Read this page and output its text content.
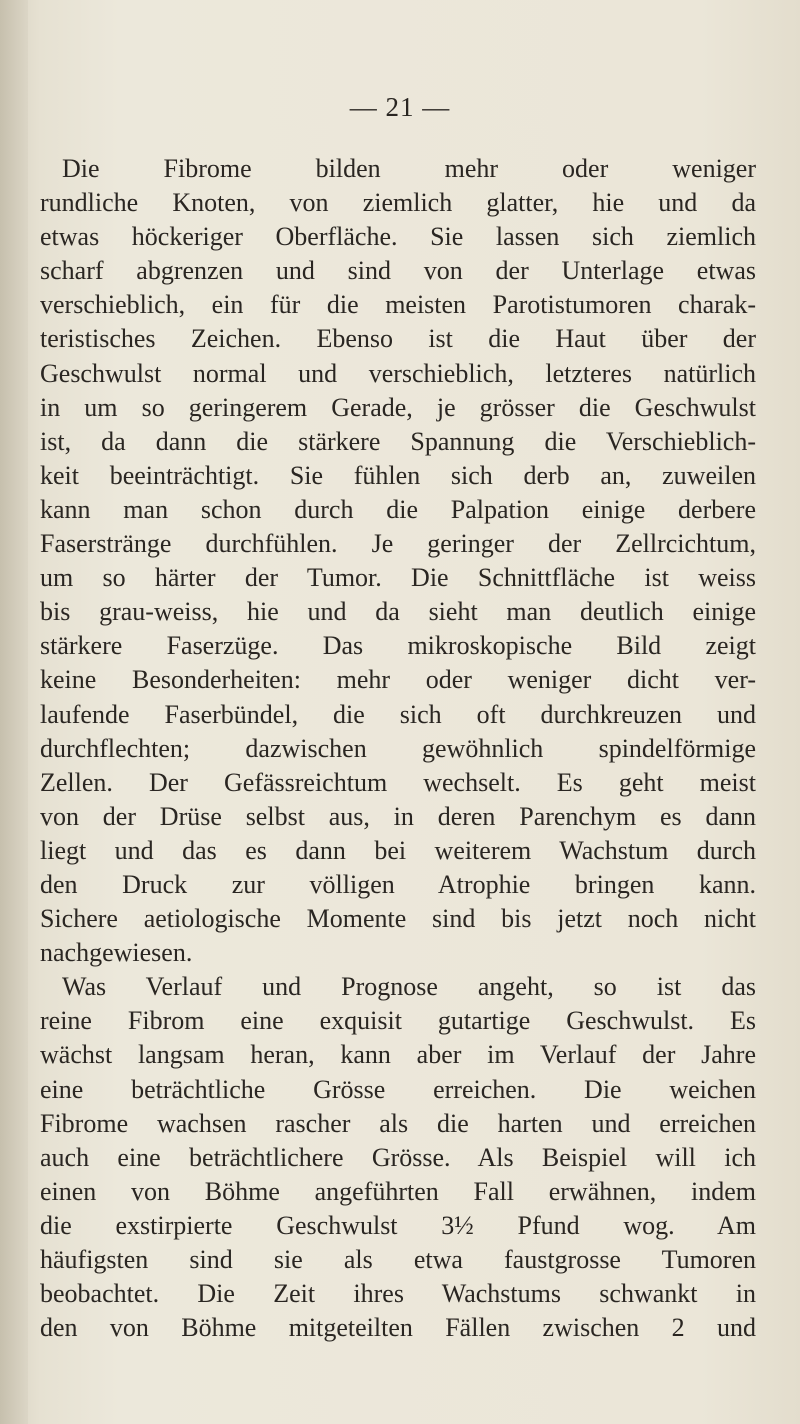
— 21 —
Die Fibrome bilden mehr oder weniger
rundliche Knoten, von ziemlich glatter, hie und da
etwas höckeriger Oberfläche. Sie lassen sich ziemlich
scharf abgrenzen und sind von der Unterlage etwas
verschieblich, ein für die meisten Parotistumoren charak-
teristisches Zeichen. Ebenso ist die Haut über der
Geschwulst normal und verschieblich, letzteres natürlich
in um so geringerem Gerade, je grösser die Geschwulst
ist, da dann die stärkere Spannung die Verschieblich-
keit beeinträchtigt. Sie fühlen sich derb an, zuweilen
kann man schon durch die Palpation einige derbere
Faserstränge durchfühlen. Je geringer der Zellrcichtum,
um so härter der Tumor. Die Schnittfläche ist weiss
bis grau-weiss, hie und da sieht man deutlich einige
stärkere Faserzüge. Das mikroskopische Bild zeigt
keine Besonderheiten: mehr oder weniger dicht ver-
laufende Faserbündel, die sich oft durchkreuzen und
durchflechten; dazwischen gewöhnlich spindelförmige
Zellen. Der Gefässreichtum wechselt. Es geht meist
von der Drüse selbst aus, in deren Parenchym es dann
liegt und das es dann bei weiterem Wachstum durch
den Druck zur völligen Atrophie bringen kann.
Sichere aetiologische Momente sind bis jetzt noch nicht
nachgewiesen.
Was Verlauf und Prognose angeht, so ist das
reine Fibrom eine exquisit gutartige Geschwulst. Es
wächst langsam heran, kann aber im Verlauf der Jahre
eine beträchtliche Grösse erreichen. Die weichen
Fibrome wachsen rascher als die harten und erreichen
auch eine beträchtlichere Grösse. Als Beispiel will ich
einen von Böhme angeführten Fall erwähnen, indem
die exstirpierte Geschwulst 3½ Pfund wog. Am
häufigsten sind sie als etwa faustgrosse Tumoren
beobachtet. Die Zeit ihres Wachstums schwankt in
den von Böhme mitgeteilten Fällen zwischen 2 und
